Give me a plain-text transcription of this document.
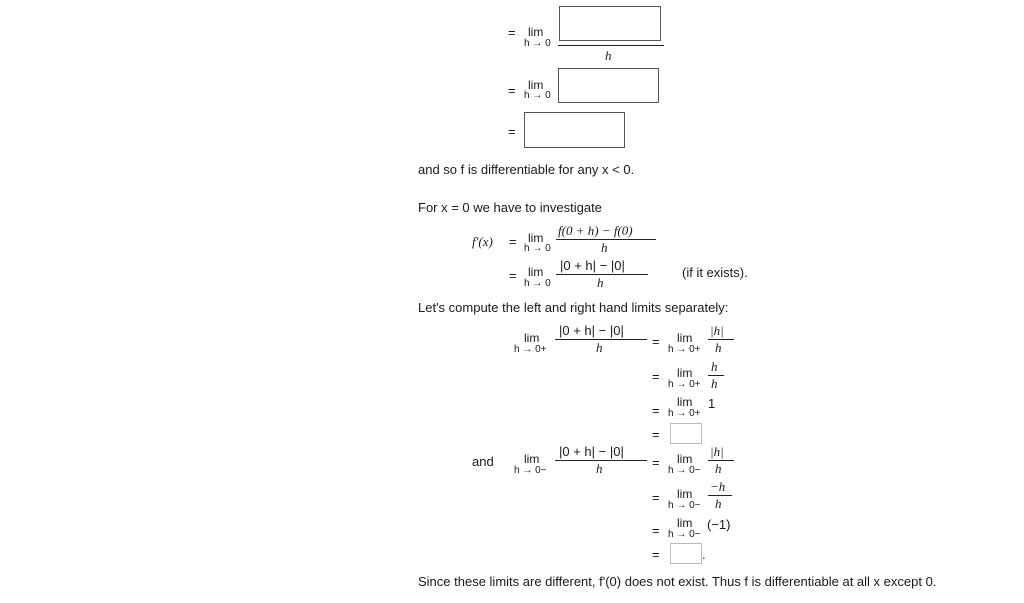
= lim
h → 0
h
= lim
h → 0
=
and so f is differentiable for any x < 0.
For x = 0 we have to investigate
f'(x) = lim
h → 0
f(0 + h) − f(0)
h
= lim
h → 0
|0 + h| − |0|
h
(if it exists).
Let's compute the left and right hand limits separately:
lim
h → 0+
|0 + h| − |0|
h	= lim
h → 0+
|h|
h
= lim
h → 0+
h
h
=
lim
h → 0+
1
=
and	lim
h → 0−
|0 + h| − |0|
h	= lim
h → 0−
|h|
h
= lim
h → 0−
−h
h
= lim
h → 0−
(−1)
=	.
Since these limits are different, f'(0) does not exist. Thus f is differentiable at all x except 0.
